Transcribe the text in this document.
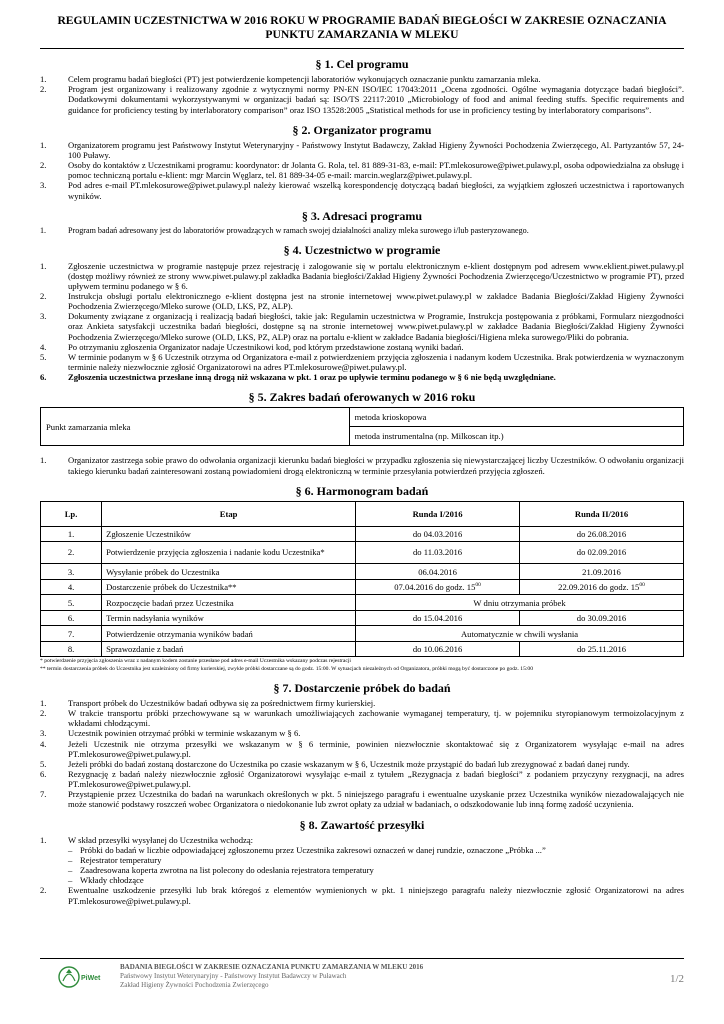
REGULAMIN UCZESTNICTWA W 2016 ROKU W PROGRAMIE BADAŃ BIEGŁOŚCI W ZAKRESIE OZNACZANIA PUNKTU ZAMARZANIA W MLEKU
§ 1. Cel programu
1.	Celem programu badań biegłości (PT) jest potwierdzenie kompetencji laboratoriów wykonujących oznaczanie punktu zamarzania mleka.
2.	Program jest organizowany i realizowany zgodnie z wytycznymi normy PN-EN ISO/IEC 17043:2011 „Ocena zgodności. Ogólne wymagania dotyczące badań biegłości”. Dodatkowymi dokumentami wykorzystywanymi w organizacji badań są: ISO/TS 22117:2010 „Microbiology of food and animal feeding stuffs. Specific requirements and guidance for proficiency testing by interlaboratory comparison” oraz ISO 13528:2005 „Statistical methods for use in proficiency testing by interlaboratory comparisons”.
§ 2. Organizator programu
1.	Organizatorem programu jest Państwowy Instytut Weterynaryjny - Państwowy Instytut Badawczy, Zakład Higieny Żywności Pochodzenia Zwierzęcego, Al. Partyzantów 57, 24-100 Puławy.
2.	Osoby do kontaktów z Uczestnikami programu: koordynator: dr Jolanta G. Rola, tel. 81 889-31-83, e-mail: PT.mlekosurowe@piwet.pulawy.pl, osoba odpowiedzialna za obsługę i pomoc techniczną portalu e-klient: mgr Marcin Węglarz, tel. 81 889-34-05 e-mail: marcin.weglarz@piwet.pulawy.pl.
3.	Pod adres e-mail PT.mlekosurowe@piwet.pulawy.pl należy kierować wszelką korespondencję dotyczącą badań biegłości, za wyjątkiem zgłoszeń uczestnictwa i raportowanych wyników.
§ 3. Adresaci programu
1.	Program badań adresowany jest do laboratoriów prowadzących w ramach swojej działalności analizy mleka surowego i/lub pasteryzowanego.
§ 4. Uczestnictwo w programie
1.	Zgłoszenie uczestnictwa w programie następuje przez rejestrację i zalogowanie się w portalu elektronicznym e-klient dostępnym pod adresem www.eklient.piwet.pulawy.pl (dostęp możliwy również ze strony www.piwet.pulawy.pl zakładka Badania biegłości/Zakład Higieny Żywności Pochodzenia Zwierzęcego/Uczestnictwo w programie PT), przed upływem terminu podanego w § 6.
2.	Instrukcja obsługi portalu elektronicznego e-klient dostępna jest na stronie internetowej www.piwet.pulawy.pl w zakładce Badania Biegłości/Zakład Higieny Żywności Pochodzenia Zwierzęcego/Mleko surowe (OLD, LKS, PZ, ALP).
3.	Dokumenty związane z organizacją i realizacją badań biegłości, takie jak: Regulamin uczestnictwa w Programie, Instrukcja postępowania z próbkami, Formularz niezgodności oraz Ankieta satysfakcji uczestnika badań biegłości, dostępne są na stronie internetowej www.piwet.pulawy.pl w zakładce Badania Biegłości/Zakład Higieny Żywności Pochodzenia Zwierzęcego/Mleko surowe (OLD, LKS, PZ, ALP) oraz na portalu e-klient w zakładce Badania biegłości/Higiena mleka surowego/Pliki do pobrania.
4.	Po otrzymaniu zgłoszenia Organizator nadaje Uczestnikowi kod, pod którym przedstawione zostaną wyniki badań.
5.	W terminie podanym w § 6 Uczestnik otrzyma od Organizatora e-mail z potwierdzeniem przyjęcia zgłoszenia i nadanym kodem Uczestnika. Brak potwierdzenia w wyznaczonym terminie należy niezwłocznie zgłosić Organizatorowi na adres PT.mlekosurowe@piwet.pulawy.pl.
6.	Zgłoszenia uczestnictwa przesłane inną drogą niż wskazana w pkt. 1 oraz po upływie terminu podanego w § 6 nie będą uwzględniane.
§ 5. Zakres badań oferowanych w 2016 roku
Punkt zamarzania mleka	metoda krioskopowa
metoda instrumentalna (np. Milkoscan itp.)
1.	Organizator zastrzega sobie prawo do odwołania organizacji kierunku badań biegłości w przypadku zgłoszenia się niewystarczającej liczby Uczestników. O odwołaniu organizacji takiego kierunku badań zainteresowani zostaną powiadomieni drogą elektroniczną w terminie przesyłania potwierdzeń przyjęcia zgłoszeń.
§ 6. Harmonogram badań
Lp.	Etap	Runda I/2016	Runda II/2016
1.	Zgłoszenie Uczestników	do 04.03.2016	do 26.08.2016
2.	Potwierdzenie przyjęcia zgłoszenia i nadanie kodu Uczestnika*	do 11.03.2016	do 02.09.2016
3.	Wysyłanie próbek do Uczestnika	06.04.2016	21.09.2016
4.	Dostarczenie próbek do Uczestnika**	07.04.2016 do godz. $15^{00}$	22.09.2016 do godz. $15^{00}$
5.	Rozpoczęcie badań przez Uczestnika	W dniu otrzymania próbek	
6.	Termin nadsyłania wyników	do 15.04.2016	do 30.09.2016
7.	Potwierdzenie otrzymania wyników badań	Automatycznie w chwili wysłania	
8.	Sprawozdanie z badań	do 10.06.2016	do 25.11.2016
* potwierdzenie przyjęcia zgłoszenia wraz z nadanym kodem zostanie przesłane pod adres e-mail Uczestnika wskazany podczas rejestracji
** termin dostarczenia próbek do Uczestnika jest uzależniony od firmy kurierskiej, zwykle próbki dostarczane są do godz. 15:00. W sytuacjach niezależnych od Organizatora, próbki mogą być dostarczone po godz. 15:00
§ 7. Dostarczenie próbek do badań
1.	Transport próbek do Uczestników badań odbywa się za pośrednictwem firmy kurierskiej.
2.	W trakcie transportu próbki przechowywane są w warunkach umożliwiających zachowanie wymaganej temperatury, tj. w pojemniku styropianowym termoizolacyjnym z wkładami chłodzącymi.
3.	Uczestnik powinien otrzymać próbki w terminie wskazanym w § 6.
4.	Jeżeli Uczestnik nie otrzyma przesyłki we wskazanym w § 6 terminie, powinien niezwłocznie skontaktować się z Organizatorem wysyłając e-mail na adres PT.mlekosurowe@piwet.pulawy.pl.
5.	Jeżeli próbki do badań zostaną dostarczone do Uczestnika po czasie wskazanym w § 6, Uczestnik może przystąpić do badań lub zrezygnować z badań danej rundy.
6.	Rezygnację z badań należy niezwłocznie zgłosić Organizatorowi wysyłając e-mail z tytułem „Rezygnacja z badań biegłości” z podaniem przyczyny rezygnacji, na adres PT.mlekosurowe@piwet.pulawy.pl.
7.	Przystąpienie przez Uczestnika do badań na warunkach określonych w pkt. 5 niniejszego paragrafu i ewentualne uzyskanie przez Uczestnika wyników niezadowalających nie może stanowić podstawy roszczeń wobec Organizatora o niedokonanie lub zwrot opłaty za udział w badaniach, o odszkodowanie lub inną formę zadość uczynienia.
§ 8. Zawartość przesyłki
1.	W skład przesyłki wysyłanej do Uczestnika wchodzą:
– Próbki do badań w liczbie odpowiadającej zgłoszonemu przez Uczestnika zakresowi oznaczeń w danej rundzie, oznaczone „Próbka ...”
– Rejestrator temperatury
– Zaadresowana koperta zwrotna na list polecony do odesłania rejestratora temperatury
– Wkłady chłodzące
2.	Ewentualne uszkodzenie przesyłki lub brak któregoś z elementów wymienionych w pkt. 1 niniejszego paragrafu należy niezwłocznie zgłosić Organizatorowi na adres PT.mlekosurowe@piwet.pulawy.pl.
PiWet
BADANIA BIEGŁOŚCI W ZAKRESIE OZNACZANIA PUNKTU ZAMARZANIA W MLEKU 2016
Państwowy Instytut Weterynaryjny - Państwowy Instytut Badawczy w Puławach
Zakład Higieny Żywności Pochodzenia Zwierzęcego
1/2
